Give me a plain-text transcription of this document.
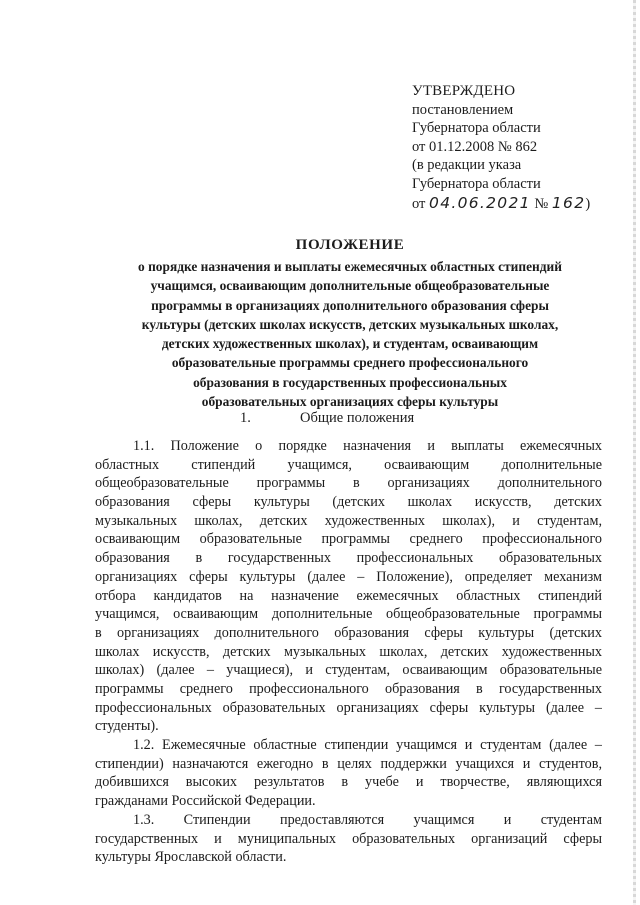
УТВЕРЖДЕНО
постановлением
Губернатора области
от 01.12.2008 № 862
(в редакции указа
Губернатора области
от 04.06.2021 № 162)
ПОЛОЖЕНИЕ
о порядке назначения и выплаты ежемесячных областных стипендий
учащимся, осваивающим дополнительные общеобразовательные
программы в организациях дополнительного образования сферы
культуры (детских школах искусств, детских музыкальных школах,
детских художественных школах), и студентам, осваивающим
образовательные программы среднего профессионального
образования в государственных профессиональных
образовательных организациях сферы культуры
1.	Общие положения
1.1. Положение о порядке назначения и выплаты ежемесячных
областных стипендий учащимся, осваивающим дополнительные
общеобразовательные программы в организациях дополнительного
образования сферы культуры (детских школах искусств, детских
музыкальных школах, детских художественных школах), и студентам,
осваивающим образовательные программы среднего профессионального
образования в государственных профессиональных образовательных
организациях сферы культуры (далее – Положение), определяет механизм
отбора кандидатов на назначение ежемесячных областных стипендий
учащимся, осваивающим дополнительные общеобразовательные программы
в организациях дополнительного образования сферы культуры (детских
школах искусств, детских музыкальных школах, детских художественных
школах) (далее – учащиеся), и студентам, осваивающим образовательные
программы среднего профессионального образования в государственных
профессиональных образовательных организациях сферы культуры (далее –
студенты).
1.2. Ежемесячные областные стипендии учащимся и студентам (далее –
стипендии) назначаются ежегодно в целях поддержки учащихся и студентов,
добившихся высоких результатов в учебе и творчестве, являющихся
гражданами Российской Федерации.
1.3. Стипендии предоставляются учащимся и студентам
государственных и муниципальных образовательных организаций сферы
культуры Ярославской области.
